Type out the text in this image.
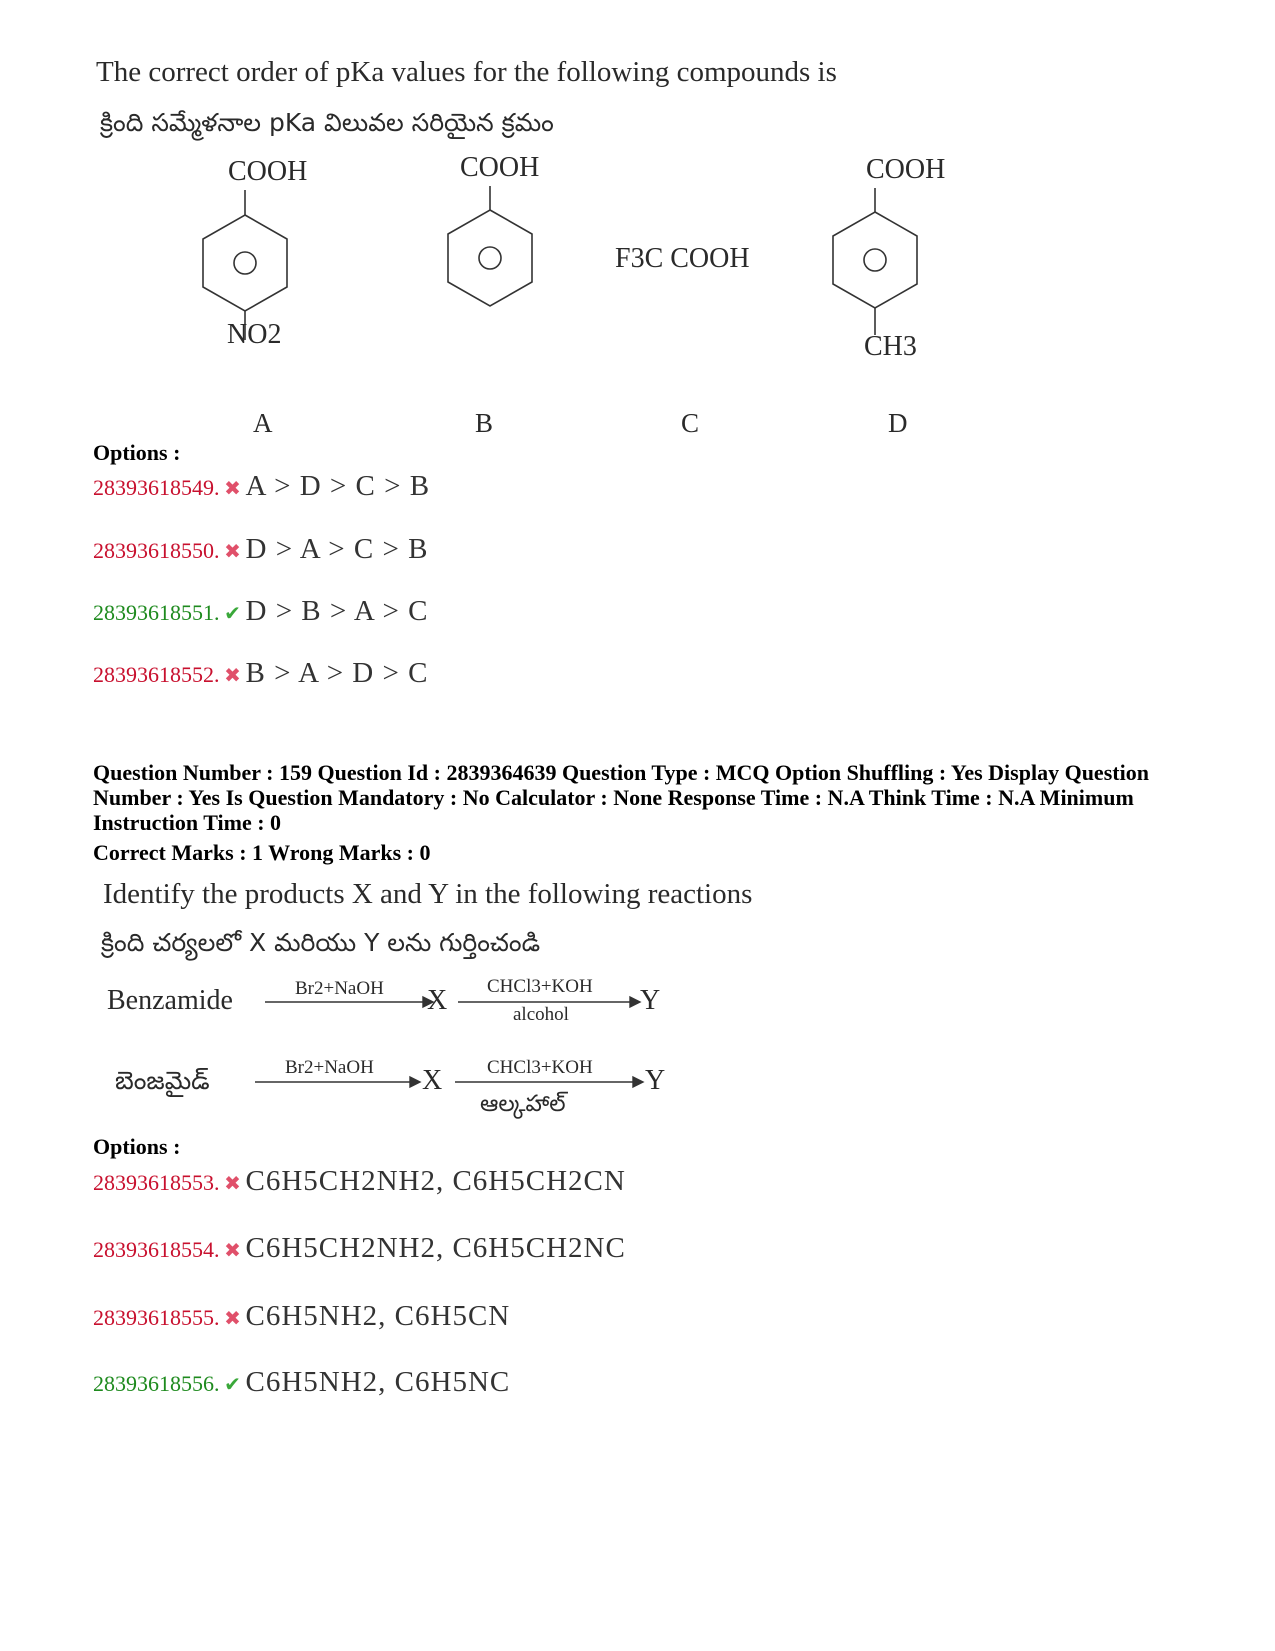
The correct order of pKa values for the following compounds is
క్రింది సమ్మేళనాల pKa విలువల సరియైన క్రమం
COOH
NO2
COOH
F3C COOH
COOH
CH3
A	B	C	D
Options :
28393618549. ✖ A > D > C > B
28393618550. ✖ D > A > C > B
28393618551. ✔ D > B > A > C
28393618552. ✖ B > A > D > C
Question Number : 159 Question Id : 2839364639 Question Type : MCQ Option Shuffling : Yes Display Question Number : Yes Is Question Mandatory : No Calculator : None Response Time : N.A Think Time : N.A Minimum Instruction Time : 0
Correct Marks : 1 Wrong Marks : 0
Identify the products X and Y in the following reactions
క్రింది చర్యలలో X మరియు Y లను గుర్తించండి
Benzamide	Br2+NaOH X CHCl3+KOH
alcohol	Y
బెంజమైడ్	Br2+NaOH X CHCl3+KOH
ఆల్కహాల్
Y
Options :
28393618553. ✖ C6H5CH2NH2, C6H5CH2CN
28393618554. ✖ C6H5CH2NH2, C6H5CH2NC
28393618555. ✖ C6H5NH2, C6H5CN
28393618556. ✔ C6H5NH2, C6H5NC
